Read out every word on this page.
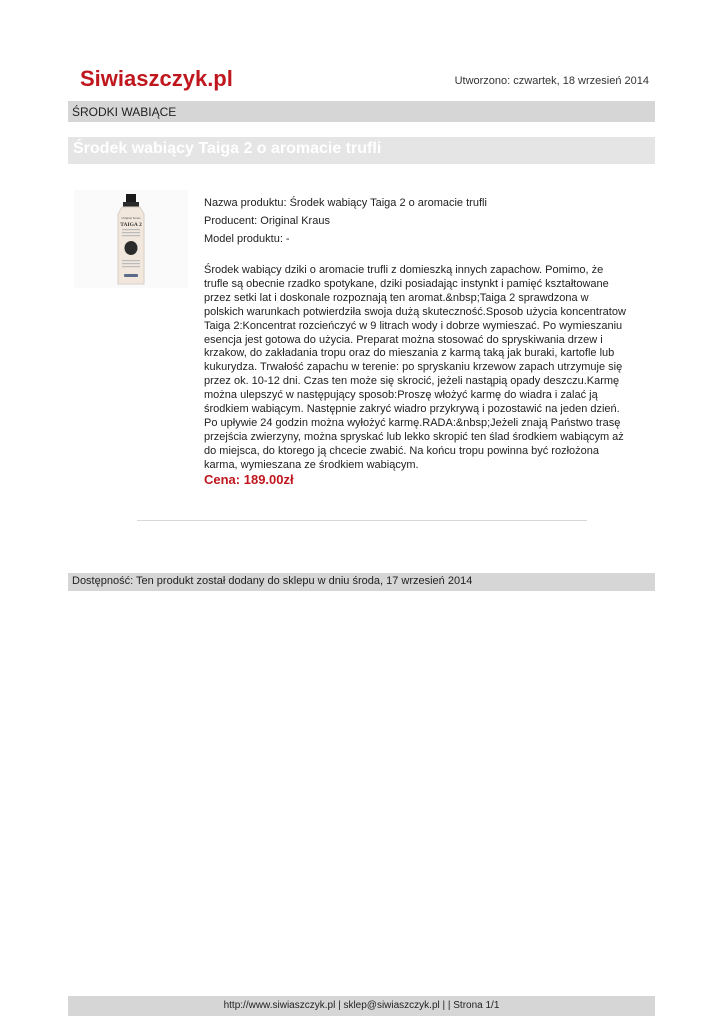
Siwiaszczyk.pl	Utworzono: czwartek, 18 wrzesień 2014
ŚRODKI WABIĄCE
Środek wabiący Taiga 2 o aromacie trufli
Original Kraus
TAIGA 2
Nazwa produktu: Środek wabiący Taiga 2 o aromacie trufli
Producent: Original Kraus
Model produktu: -

Środek wabiący dziki o aromacie trufli z domieszką innych zapachow. Pomimo, że trufle są obecnie rzadko spotykane, dziki posiadając instynkt i pamięć kształtowane przez setki lat i doskonale rozpoznają ten aromat.&nbsp;Taiga 2 sprawdzona w polskich warunkach potwierdziła swoja dużą skuteczność.Sposob użycia koncentratow Taiga 2:Koncentrat rozcieńczyć w 9 litrach wody i dobrze wymieszać. Po wymieszaniu esencja jest gotowa do użycia. Preparat można stosować do spryskiwania drzew i krzakow, do zakładania tropu oraz do mieszania z karmą taką jak buraki, kartofle lub kukurydza. Trwałość zapachu w terenie: po spryskaniu krzewow zapach utrzymuje się przez ok. 10-12 dni. Czas ten może się skrocić, jeżeli nastąpią opady deszczu.Karmę można ulepszyć w następujący sposob:Proszę włożyć karmę do wiadra i zalać ją środkiem wabiącym. Następnie zakryć wiadro przykrywą i pozostawić na jeden dzień. Po upływie 24 godzin można wyłożyć karmę.RADA:&nbsp;Jeżeli znają Państwo trasę przejścia zwierzyny, można spryskać lub lekko skropić ten ślad środkiem wabiącym aż do miejsca, do ktorego ją chcecie zwabić. Na końcu tropu powinna być rozłożona karma, wymieszana ze środkiem wabiącym.

Cena: 189.00zł
Dostępność: Ten produkt został dodany do sklepu w dniu środa, 17 wrzesień 2014
http://www.siwiaszczyk.pl | sklep@siwiaszczyk.pl | | Strona 1/1
